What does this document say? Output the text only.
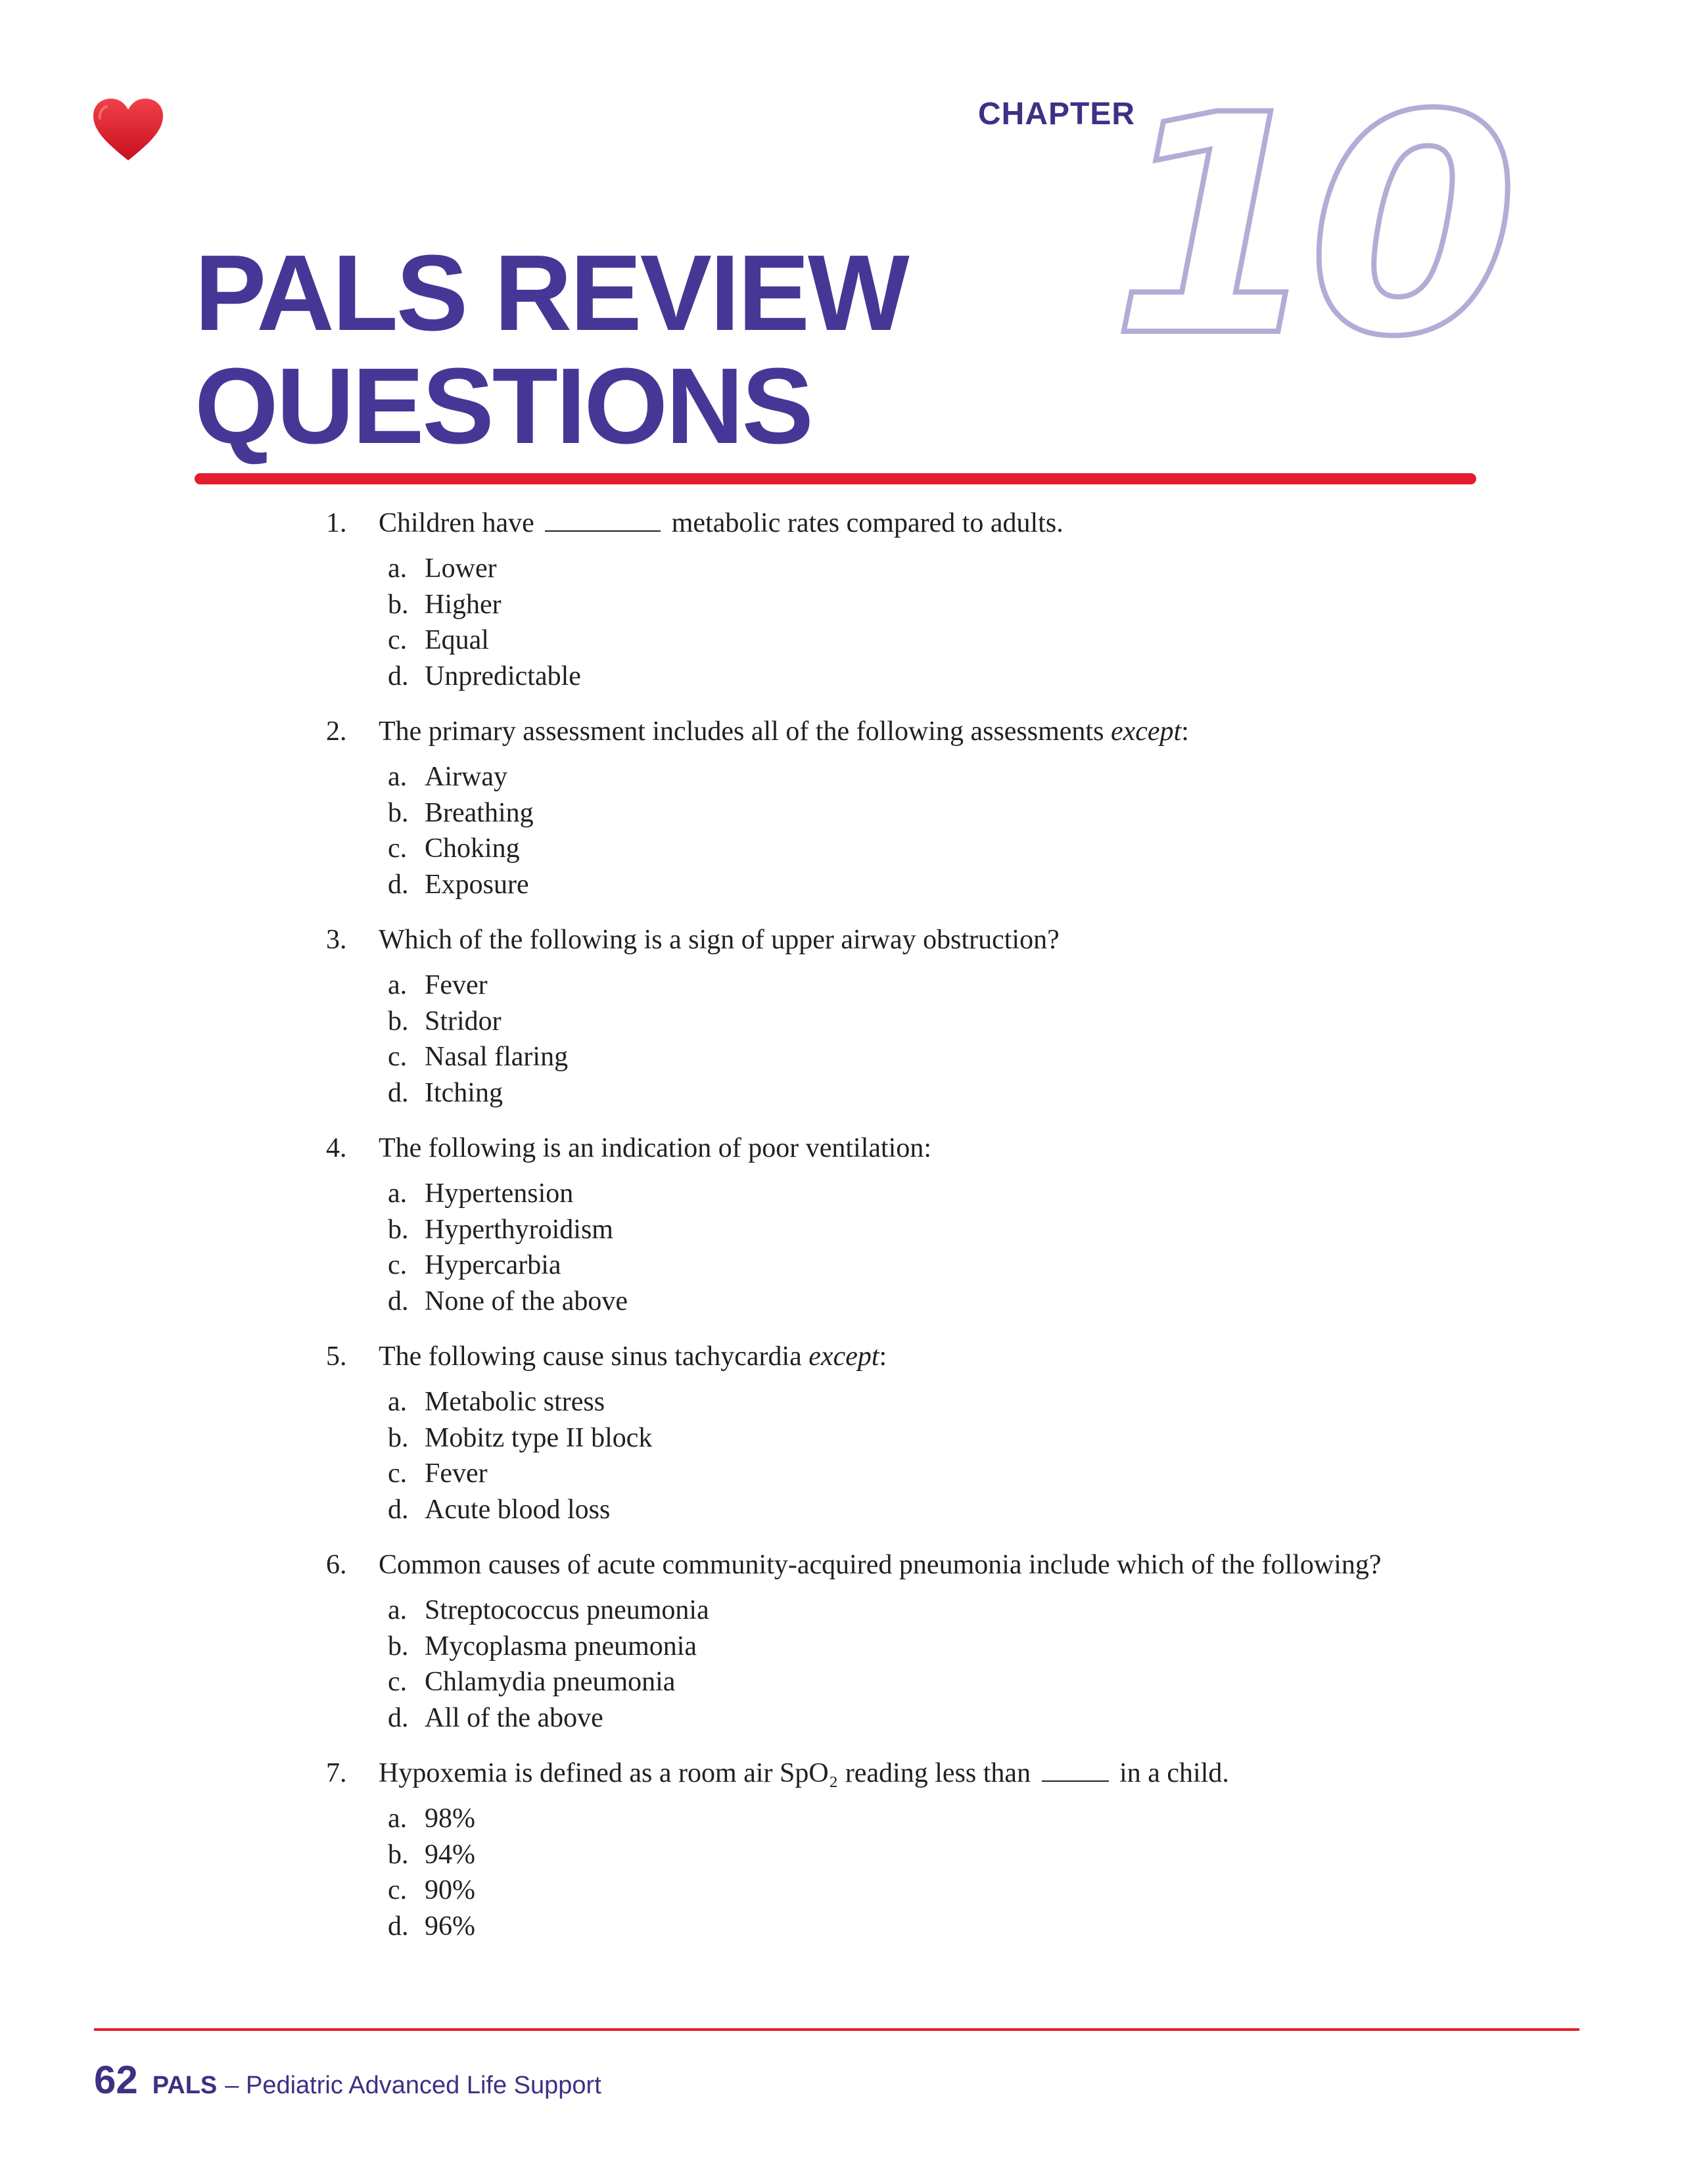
CHAPTER
10
PALS REVIEW
QUESTIONS
1.	Children have	metabolic rates compared to adults.
a. Lower
b. Higher
c. Equal
d. Unpredictable
2.	The primary assessment includes all of the following assessments except:
a. Airway
b. Breathing
c. Choking
d. Exposure
3.	Which of the following is a sign of upper airway obstruction?
a. Fever
b. Stridor
c. Nasal flaring
d. Itching
4.	The following is an indication of poor ventilation:
a. Hypertension
b. Hyperthyroidism
c. Hypercarbia
d. None of the above
5.	The following cause sinus tachycardia except:
a. Metabolic stress
b. Mobitz type II block
c. Fever
d. Acute blood loss
6.	Common causes of acute community-acquired pneumonia include which of the following?
a. Streptococcus pneumonia
b. Mycoplasma pneumonia
c. Chlamydia pneumonia
d. All of the above
7.	Hypoxemia is defined as a room air SpO₂ reading less than	in a child.
a. 98%
b. 94%
c. 90%
d. 96%
62 PALS – Pediatric Advanced Life Support
